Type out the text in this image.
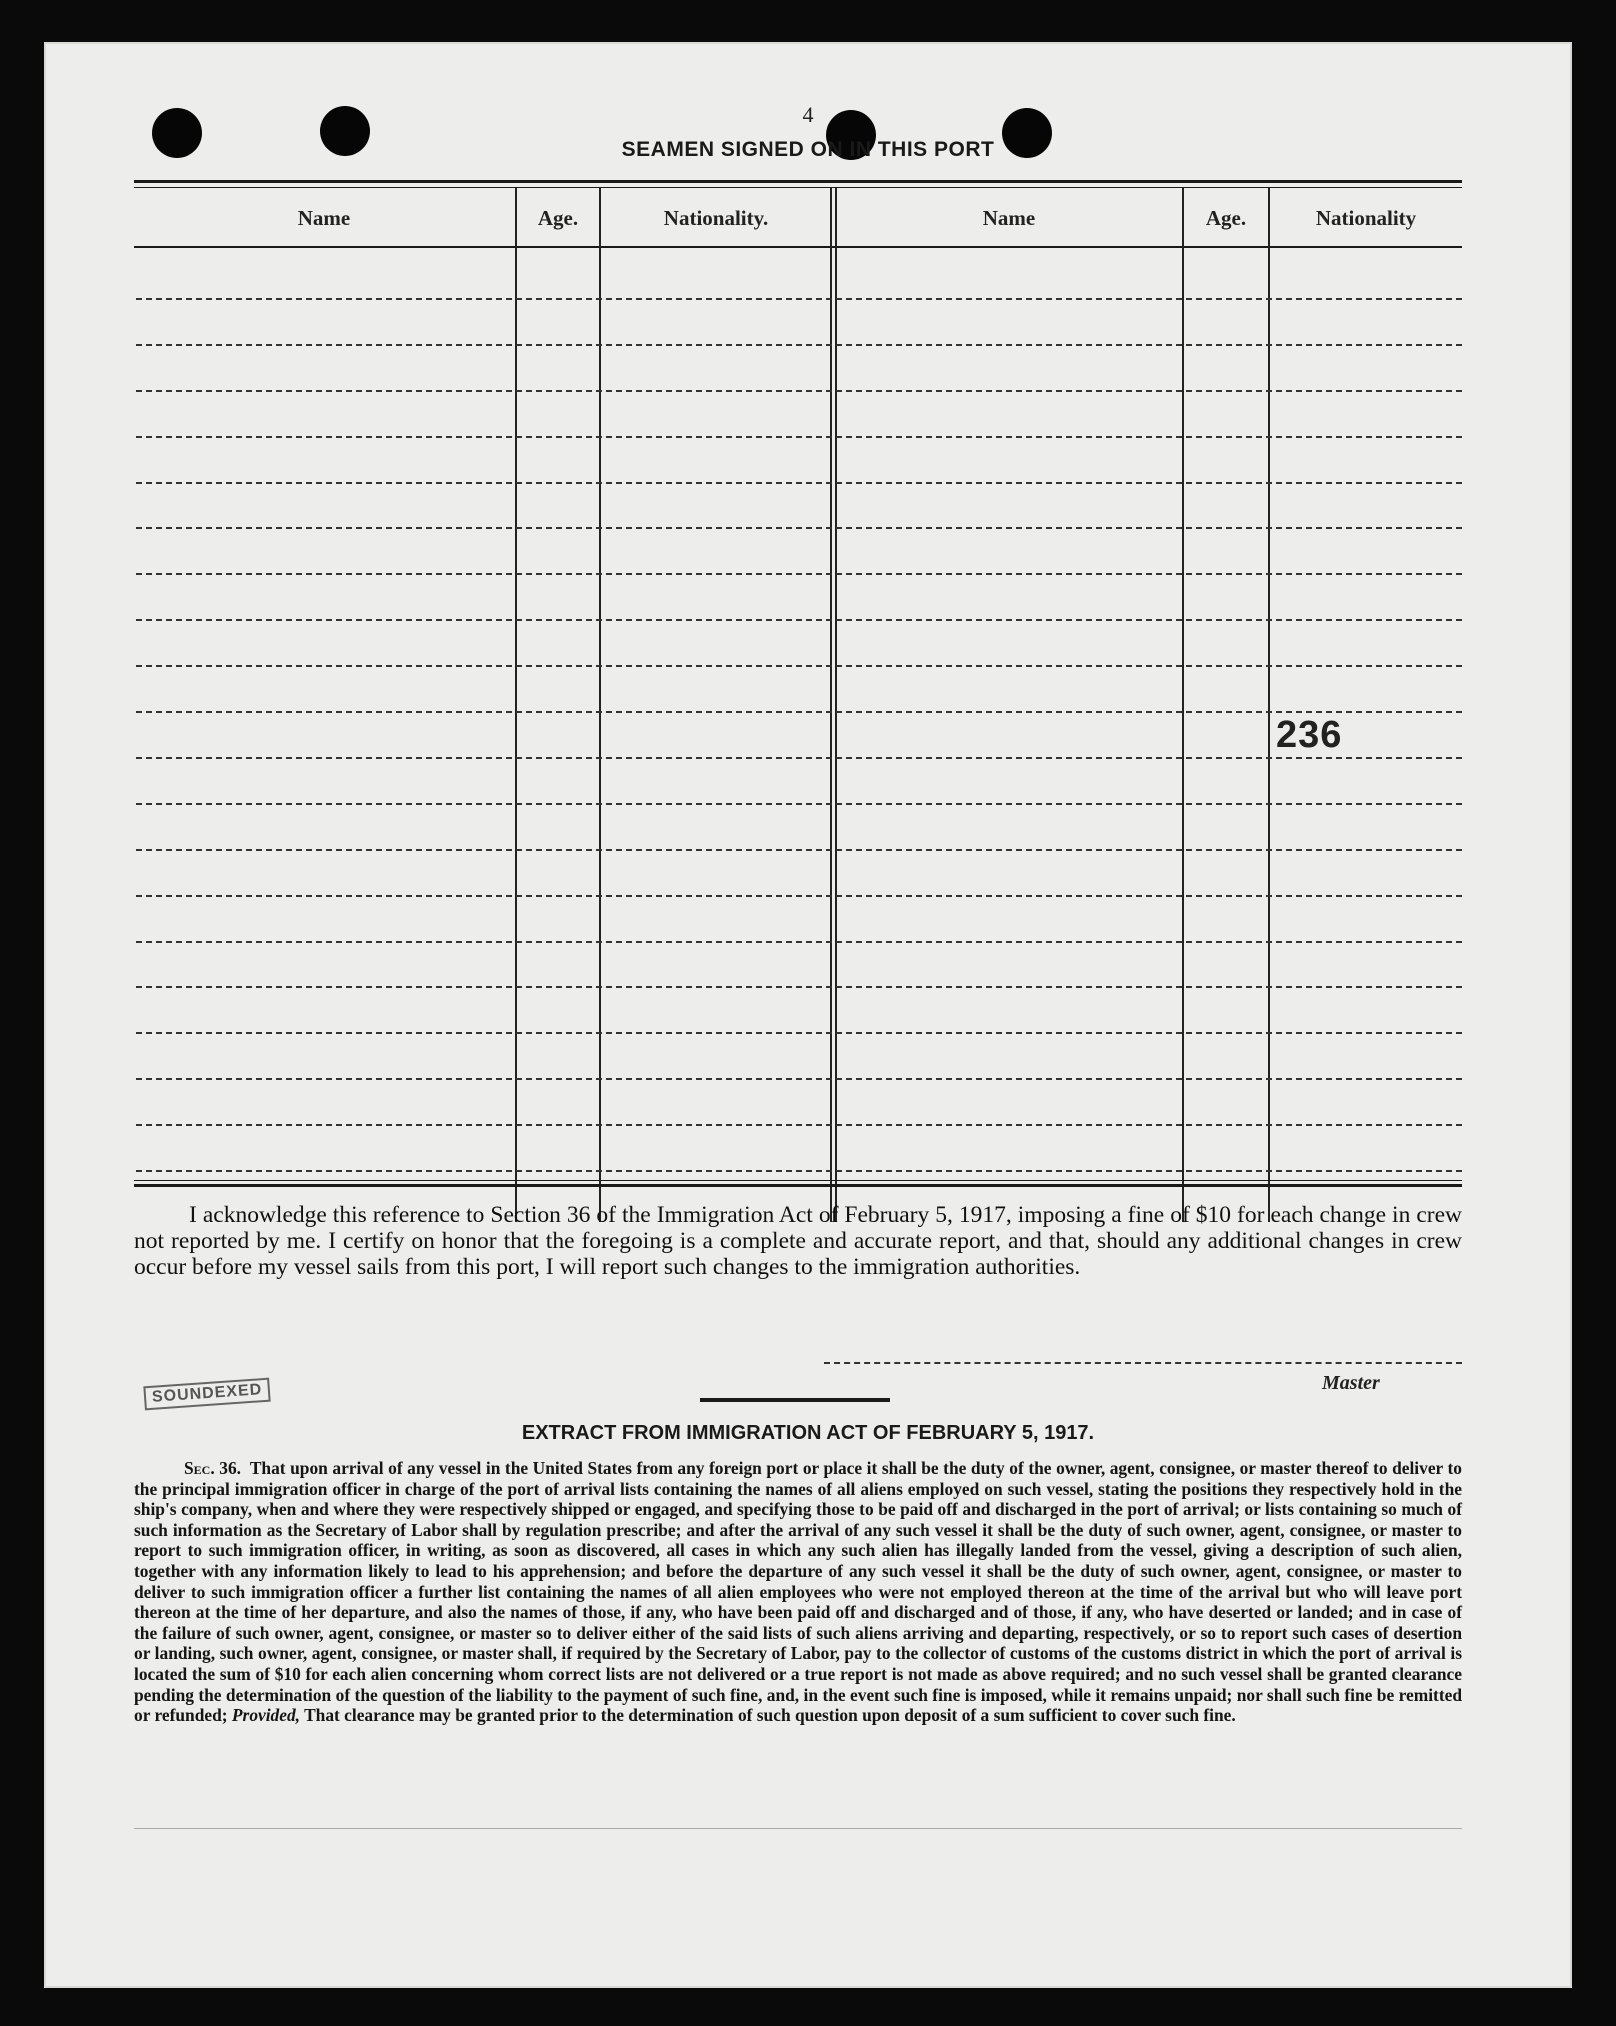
4
SEAMEN SIGNED ON IN THIS PORT
Name	Age.	Nationality.	Name	Age.	Nationality
236
I acknowledge this reference to Section 36 of the Immigration Act of February 5, 1917, imposing a fine of $10 for each change in crew not reported by me. I certify on honor that the foregoing is a complete and accurate report, and that, should any additional changes in crew occur before my vessel sails from this port, I will report such changes to the immigration authorities.
SOUNDEXED	Master
EXTRACT FROM IMMIGRATION ACT OF FEBRUARY 5, 1917.
Sec. 36. That upon arrival of any vessel in the United States from any foreign port or place it shall be the duty of the owner, agent, consignee, or master thereof to deliver to the principal immigration officer in charge of the port of arrival lists containing the names of all aliens employed on such vessel, stating the positions they respectively hold in the ship's company, when and where they were respectively shipped or engaged, and specifying those to be paid off and discharged in the port of arrival; or lists containing so much of such information as the Secretary of Labor shall by regulation prescribe; and after the arrival of any such vessel it shall be the duty of such owner, agent, consignee, or master to report to such immigration officer, in writing, as soon as discovered, all cases in which any such alien has illegally landed from the vessel, giving a description of such alien, together with any information likely to lead to his apprehension; and before the departure of any such vessel it shall be the duty of such owner, agent, consignee, or master to deliver to such immigration officer a further list containing the names of all alien employees who were not employed thereon at the time of the arrival but who will leave port thereon at the time of her departure, and also the names of those, if any, who have been paid off and discharged and of those, if any, who have deserted or landed; and in case of the failure of such owner, agent, consignee, or master so to deliver either of the said lists of such aliens arriving and departing, respectively, or so to report such cases of desertion or landing, such owner, agent, consignee, or master shall, if required by the Secretary of Labor, pay to the collector of customs of the customs district in which the port of arrival is located the sum of $10 for each alien concerning whom correct lists are not delivered or a true report is not made as above required; and no such vessel shall be granted clearance pending the determination of the question of the liability to the payment of such fine, and, in the event such fine is imposed, while it remains unpaid; nor shall such fine be remitted or refunded; Provided, That clearance may be granted prior to the determination of such question upon deposit of a sum sufficient to cover such fine.
